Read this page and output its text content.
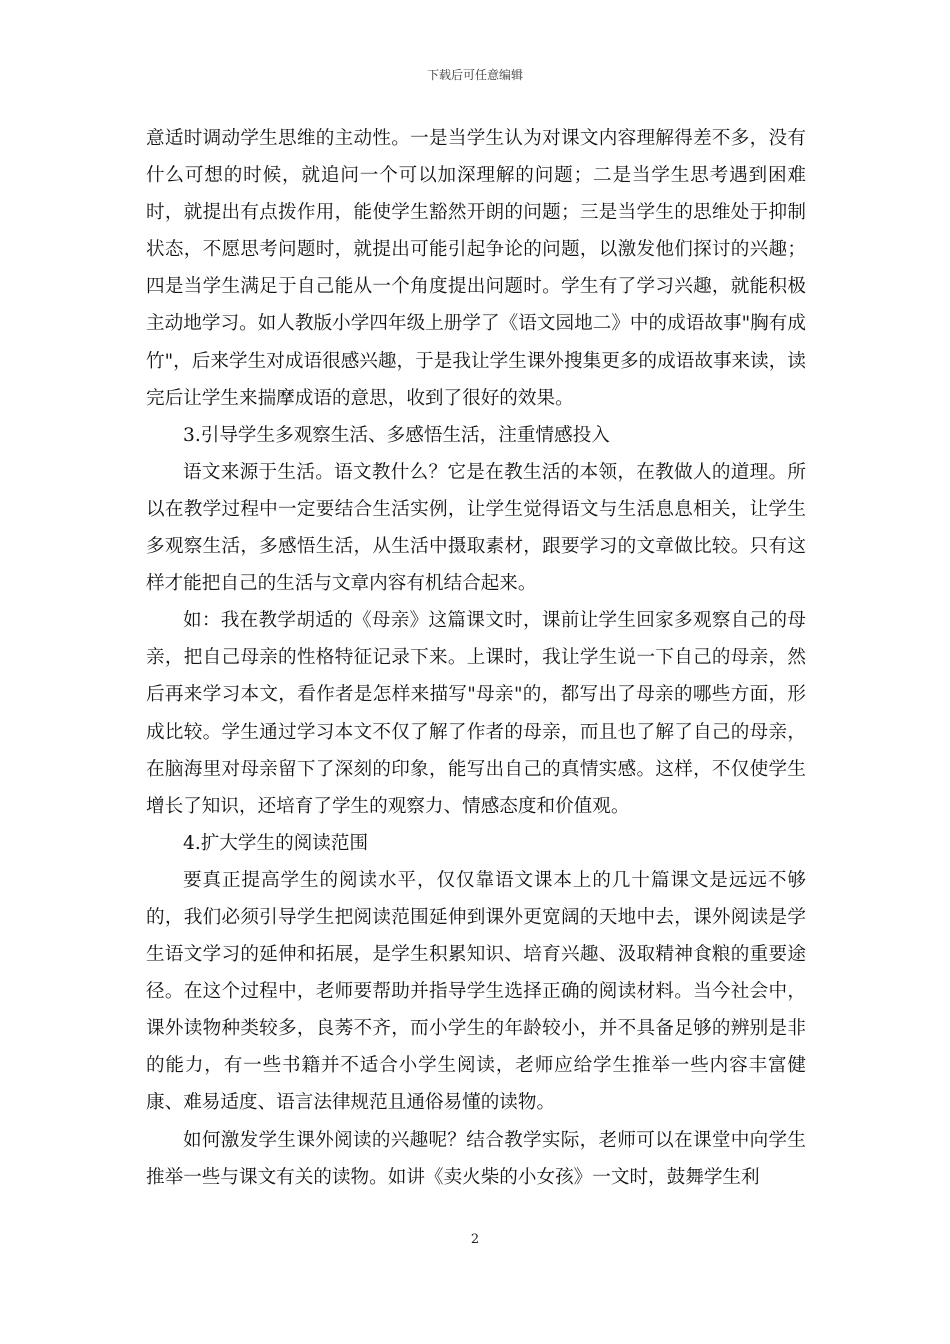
下载后可任意编辑

意适时调动学生思维的主动性。一是当学生认为对课文内容理解得差不多，没有什么可想的时候，就追问一个可以加深理解的问题；二是当学生思考遇到困难时，就提出有点拨作用，能使学生豁然开朗的问题；三是当学生的思维处于抑制状态，不愿思考问题时，就提出可能引起争论的问题，以激发他们探讨的兴趣；四是当学生满足于自己能从一个角度提出问题时。学生有了学习兴趣，就能积极主动地学习。如人教版小学四年级上册学了《语文园地二》中的成语故事"胸有成竹"，后来学生对成语很感兴趣，于是我让学生课外搜集更多的成语故事来读，读完后让学生来揣摩成语的意思，收到了很好的效果。

3.引导学生多观察生活、多感悟生活，注重情感投入

语文来源于生活。语文教什么？它是在教生活的本领，在教做人的道理。所以在教学过程中一定要结合生活实例，让学生觉得语文与生活息息相关，让学生多观察生活，多感悟生活，从生活中摄取素材，跟要学习的文章做比较。只有这样才能把自己的生活与文章内容有机结合起来。

如：我在教学胡适的《母亲》这篇课文时，课前让学生回家多观察自己的母亲，把自己母亲的性格特征记录下来。上课时，我让学生说一下自己的母亲，然后再来学习本文，看作者是怎样来描写"母亲"的，都写出了母亲的哪些方面，形成比较。学生通过学习本文不仅了解了作者的母亲，而且也了解了自己的母亲，在脑海里对母亲留下了深刻的印象，能写出自己的真情实感。这样，不仅使学生增长了知识，还培育了学生的观察力、情感态度和价值观。

4.扩大学生的阅读范围

要真正提高学生的阅读水平，仅仅靠语文课本上的几十篇课文是远远不够的，我们必须引导学生把阅读范围延伸到课外更宽阔的天地中去，课外阅读是学生语文学习的延伸和拓展，是学生积累知识、培育兴趣、汲取精神食粮的重要途径。在这个过程中，老师要帮助并指导学生选择正确的阅读材料。当今社会中，课外读物种类较多，良莠不齐，而小学生的年龄较小，并不具备足够的辨别是非的能力，有一些书籍并不适合小学生阅读，老师应给学生推举一些内容丰富健康、难易适度、语言法律规范且通俗易懂的读物。

如何激发学生课外阅读的兴趣呢？结合教学实际，老师可以在课堂中向学生推举一些与课文有关的读物。如讲《卖火柴的小女孩》一文时，鼓舞学生利

2
